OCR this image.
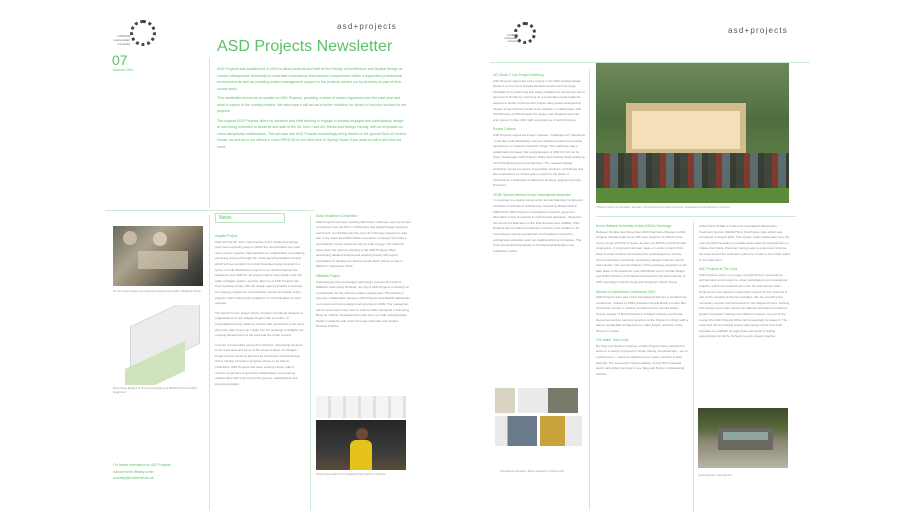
LONDON
metropolitan
university
asd+projects
07
Autumn 2011
ASD Projects Newsletter

ASD Projects was established in 2004 to allow students and staff at the Faculty of Architecture and Spatial Design at London Metropolitan University to undertake consultancy and research programmes within a supportive professional environment as well as providing project management support to live projects carried out by students as part of their course work.

This newsletter serves as an update on ASD Projects, providing a taster of what's happened over the past year and what to expect in the coming months. We also hope it will act as a further invitation for others to become involved in the projects.

The support ASD Projects offers for students and staff wishing to engage in socially engaged and participatory design is now being extended to students and staff of the Sir John Cass Art, Media and Design Faculty, with an emphasis on cross-disciplinary collaboration. This will also see ASD Projects increasingly being based on the ground floor of Central House, as well as in our offices in room SPED 06 on the third floor in Spring House if you want to call in and find out more.

News
Sir John Cass Faculty and students workshop with pupils of Millfields School
Bruce Rewe Begleyd for the new landscaping of Millfields School outdoor playground
For further information on ASD Projects
contact Kevin Wesley under
a.wesley@londonmet.ac.uk
Aldgate Project

ASD and the Sir John Cass Faculty of Art, Media and Design have been exploring ways in which the two Faculties can work more closely together. Opportunities for collaboration and sharing are being explored through the newly launched Aldgate Project which will see students from both Faculties being involved in a series of multi-disciplinary projects to be held throughout the academic year 2011/12. All projects will be sited within a 10 min walk of Aldgate station, and Zoe Berman of ASD Projects has been working closely with the design agency Publica to develop an ongoing programme of workshops, events and public realm projects which will provide a platform for both Faculties to work together.

The launch for the project held in October introduced students to organisations for the Aldgate Project with a number of presentations being made by experts with experience in the area who were able to give an insight into the workings of Aldgate, the ongoing development of the area and the urban context.

A series of local walks was held in October, introducing students to the local area and some of the issues it faces. An Aldgate Project lecture series is planned for November and December, with a number of work-in-progress shows to be held in 2011/2012. ASD Projects has been working closely with a number of partners to generate collaborations and working relationships with local community groups, stakeholders and interested parties.

Solar Decathlon Competition

ASD Projects has been working with Team reMonnet, a group formed of students from the MA in Architecture and Digital Design Systems and Unit 6. LondonMet was the only UK university selected to take part in the Solar Decathlon 2012 competition to design and build a self-sufficient house powered only by solar energy. The students have spent the summer working in the ASD Projects office developing detailed designs and working closely with expert consultants to develop the final proposal which will go on site in Madrid in September 2012.

Millfields Project

Following previous exchanges with pupils, parents and staff of Millfields Community Schools, Jon Ng of ASD Projects is working on a masterplan for the school's outdoor playground. This follows a previous collaboration between ASD Projects and Martial Kalhassian to produce and test a playground structure in 2009. The masterplan will be presented to the client in Autumn 2011 alongside a Colouring Book for children illustrated with work done by ASD undergraduate Studio 3 students with tutors Terrenge Kheraiah and Sandra Denicke-Polcher.

Project presentation at the Aldgate Project launch in October
LONDON
metropolitan
university
asd+projects
Theatre Pavilion for Roedding, Germany. Commissioned by local community, rehearsals & performances in progress
UG Studio 3 Live Project Homburg

ASD Projects supported a live project in the ASD undergraduate Studio 3 run by tutors Sandra Denicke-Polcher and Terrenge Kheraiah for a performing arts stage available for community use in the town of Homburg, Germany. In a competition local residents selected a timber structure with copper-alloy panels designed by student Craig Harrison-Smith to be realised, in collaboration with Stef Rhodes of ASD Projects the design was finalised and built, and opened in May 2011 with a programme of performances.

Project Odessa

ASD Projects supported Project Odessa - Strategies for Transitions - a 10 day multi-disciplinary summer workshop based at Kuyalnik sanatorium on Odessa's Northern fringe. The workshop was a collaboration between the postgraduates of ASD Unit 10 run by Signy Svalastoga, ASD Projects Office and Odessa State Academy of Civil Engineering and Architecture. The research-based workshop involved a series of specialist seminars, workshops and site explorations by invited guest experts in the fields of Architecture, Landscape Architecture, Ecology, Engineering and Polymers.

CEBE Special Interest Group: Intercultural Interaction

In response to a desire voiced at the annual Standing Conference of Heads of Schools of Architecture, chaired by Robert Mull in 2009-2010, ASD Projects coordinated a research group into alternative forms of practice in architectural education, funded by the Centre for Education in the Built Environment (CEBE). ASD Projects has co-edited a collection of written case studies to be presented to various practitioners and teachers involved in architectural education and non-traditional forms of practice. The book Intercultural Interaction in Architectural Education was published in 2011.

Intercultural Interaction: Book published in October 2011
Korea National University of Arts (KNUA) Exchange

Between October and December 2010 Stephanie Rhodes of ASD Projects travelled with seven fifth year students of KNUA's Fine Unit to study at KNUA in Seoul, as part of a British Council funded programme. A reciprocal visit was made to London in April 2011, when Korean students and academics participated in a 10 day Urban Laboratory workshop, developing designs based in Seoul and London. The second chapter of this exchange programme will take place in the academic year 2011/2012, led by Florian Beigel and Philip Christou of Architecture Research Unit with students of ASD spending 3 months living and studying in South Korea.

Women in Architecture Conference 2010

ASD Projects were part of the International Women in Architecture conference, chaired by RIBA president Angela Brady. London Met hosted two events: a student workshop led by Sumita Sinha, Course Leader of MA Architecture of Rapid Change and Scarce Resources and an evening reception at the Women's Library with a talk on sustainable architecture by Clare Knight, architect of the Women's Library.

The Water Trust: India

Bo Tang and Shannon Parson of ASD Projects have continued to work on a variety of projects in India, having completed two - out of a planned ten - women's classrooms for quarry workers in Navi Mumbai. The successful implementation of over 80 household septic tank toilets has lead to see Tang and Parson collaborating with the

Indian NGO CURE to build a De-Centralised Wastewater Treatment System (DEWATS) in Kuchhpura, Agra which was completed in August 2011. The system treats wastewater from the main Kuchhpura drains to provide clean water for local farmers to irrigate their fields. Plans are being made to extend and improve the area around the treatment system to create a new public space in the settlement.

ASD Projects at The Cass

ASD Projects works on a range of projects from conventional architectural commissions to urban participatory and educational projects, which are located both in the UK and abroad. ASD Projects are now poised to extend this support to The Cass as a part of the merging of the two Faculties. We are providing the necessary support and framework for the Aldgate Project, working with design tutors from across the different disciplines to assist in greater integration between the different courses. As part of the merger the ASD Projects Office will increasingly be based in The Cass and will be working closely with design tutors from both Faculties to establish stronger links and assist in finding opportunities for all the Schools to work closely together.

Quarry Women, Navi Mumbai
